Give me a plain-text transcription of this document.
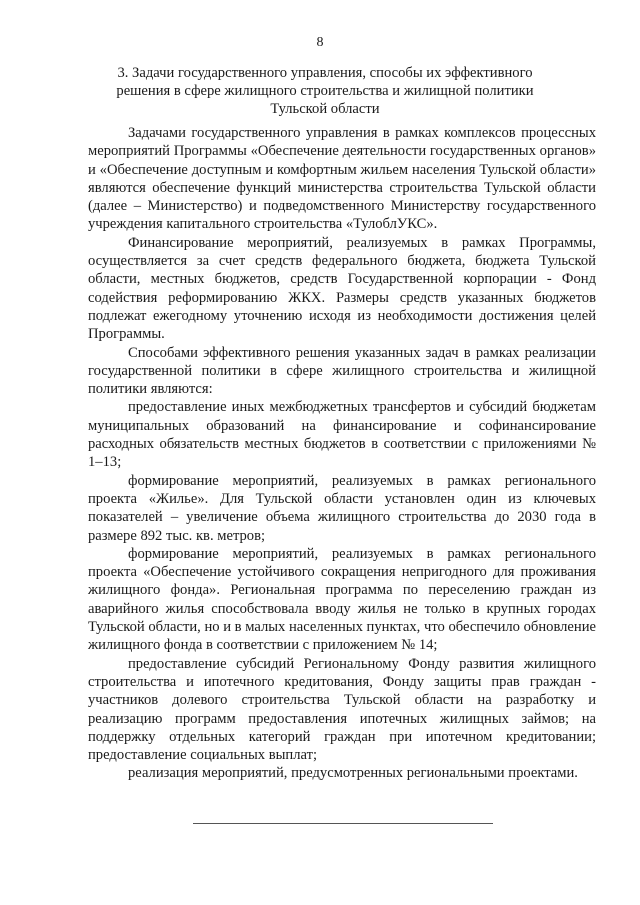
8
3. Задачи государственного управления, способы их эффективного
решения в сфере жилищного строительства и жилищной политики
Тульской области

Задачами государственного управления в рамках комплексов процессных мероприятий Программы «Обеспечение деятельности государственных органов» и «Обеспечение доступным и комфортным жильем населения Тульской области» являются обеспечение функций министерства строительства Тульской области (далее – Министерство) и подведомственного Министерству государственного учреждения капитального строительства «ТулоблУКС».

Финансирование мероприятий, реализуемых в рамках Программы, осуществляется за счет средств федерального бюджета, бюджета Тульской области, местных бюджетов, средств Государственной корпорации - Фонд содействия реформированию ЖКХ. Размеры средств указанных бюджетов подлежат ежегодному уточнению исходя из необходимости достижения целей Программы.

Способами эффективного решения указанных задач в рамках реализации государственной политики в сфере жилищного строительства и жилищной политики являются:

предоставление иных межбюджетных трансфертов и субсидий бюджетам муниципальных образований на финансирование и софинансирование расходных обязательств местных бюджетов в соответствии с приложениями № 1–13;

формирование мероприятий, реализуемых в рамках регионального проекта «Жилье». Для Тульской области установлен один из ключевых показателей – увеличение объема жилищного строительства до 2030 года в размере 892 тыс. кв. метров;

формирование мероприятий, реализуемых в рамках регионального проекта «Обеспечение устойчивого сокращения непригодного для проживания жилищного фонда». Региональная программа по переселению граждан из аварийного жилья способствовала вводу жилья не только в крупных городах Тульской области, но и в малых населенных пунктах, что обеспечило обновление жилищного фонда в соответствии с приложением № 14;

предоставление субсидий Региональному Фонду развития жилищного строительства и ипотечного кредитования, Фонду защиты прав граждан - участников долевого строительства Тульской области на разработку и реализацию программ предоставления ипотечных жилищных займов; на поддержку отдельных категорий граждан при ипотечном кредитовании; предоставление социальных выплат;

реализация мероприятий, предусмотренных региональными проектами.
